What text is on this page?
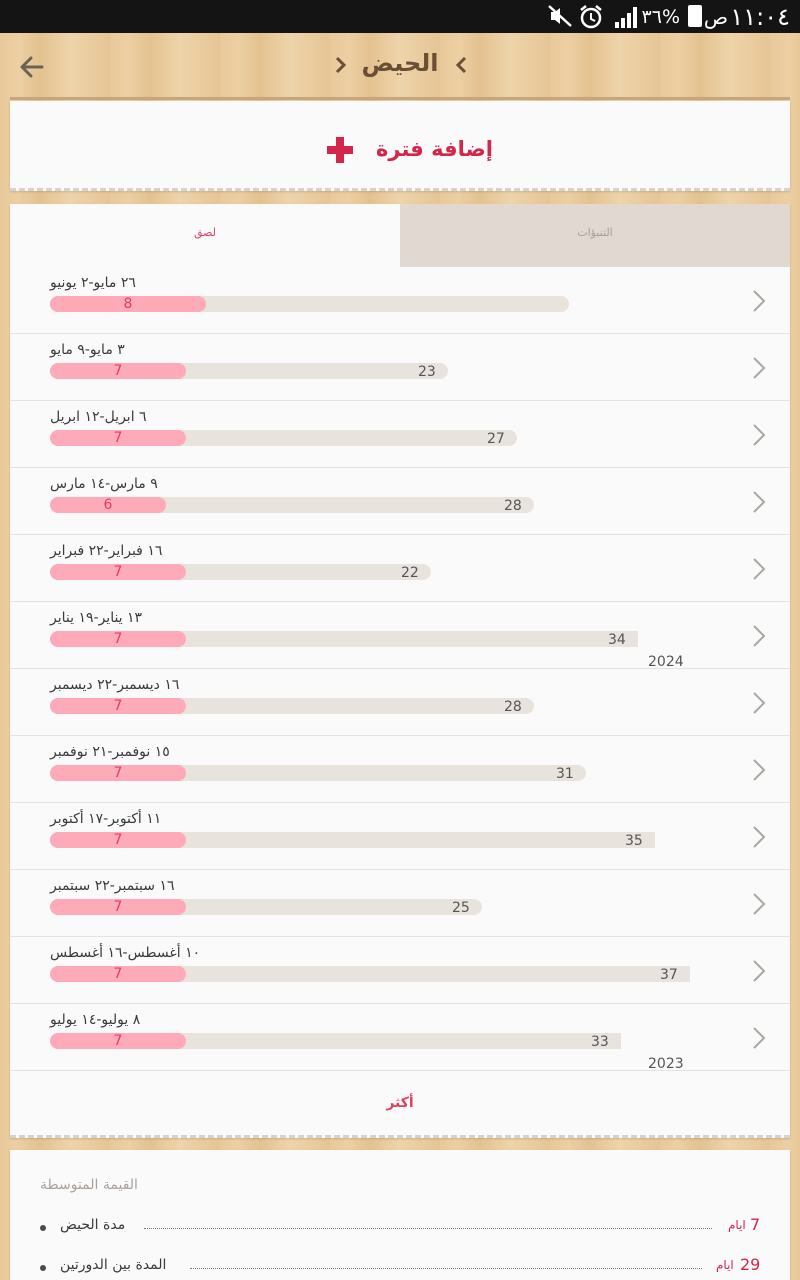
٣٦% ص ١١:٠٤
الحيض
إضافة فترة
لصق	التنبؤات
٢٦ مايو-٢ يونيو
8
٣ مايو-٩ مايو
7	23
٦ ابريل-١٢ ابريل
7	27
٩ مارس-١٤ مارس
6	28
١٦ فبراير-٢٢ فبراير
7	22
١٣ يناير-١٩ يناير
7	34
2024
١٦ ديسمبر-٢٢ ديسمبر
7	28
١٥ نوفمبر-٢١ نوفمبر
7	31
١١ أكتوبر-١٧ أكتوبر
7	35
١٦ سبتمبر-٢٢ سبتمبر
7	25
١٠ أغسطس-١٦ أغسطس
7	37
٨ يوليو-١٤ يوليو
7	33
2023
أكثر
القيمة المتوسطة
مدة الحيض	ايام 7
المدة بين الدورتين	ايام 29
